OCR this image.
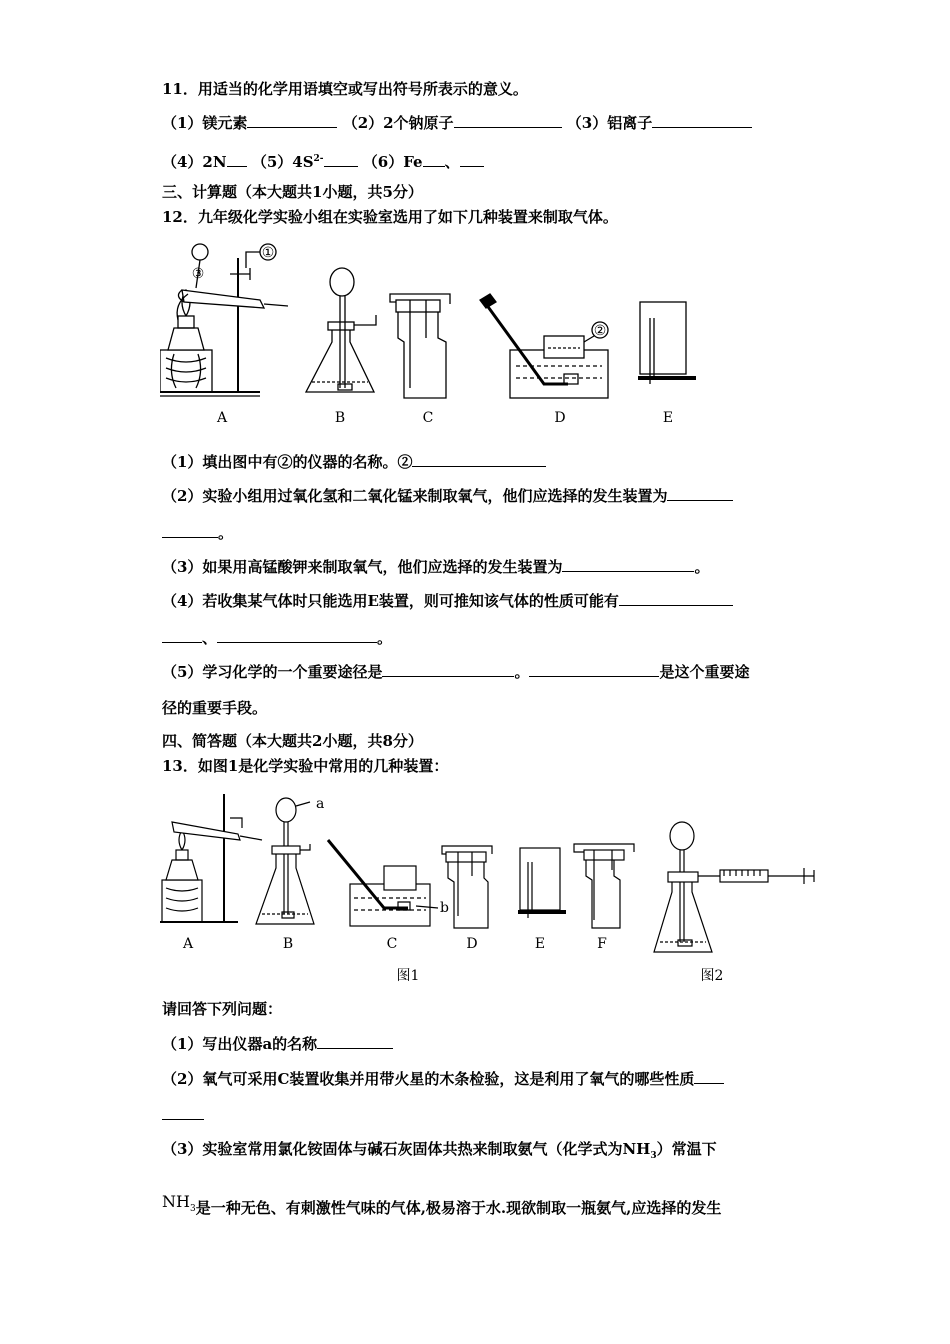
11．用适当的化学用语填空或写出符号所表示的意义。
（1）镁元素	（2）2个钠原子	（3）铝离子
（4）2N $(5)4S^{2-}$	（6）Fe 、
三、计算题（本大题共1小题，共5分）
12．九年级化学实验小组在实验室选用了如下几种装置来制取气体。
③
①
②
A	B	C	D	E
（1）填出图中有②的仪器的名称。②
（2）实验小组用过氧化氢和二氧化锰来制取氧气，他们应选择的发生装置为
。
（3）如果用高锰酸钾来制取氧气，他们应选择的发生装置为	。
（4）若收集某气体时只能选用E装置，则可推知该气体的性质可能有
、	。
（5）学习化学的一个重要途径是	。	是这个重要途
径的重要手段。
四、简答题（本大题共2小题，共8分）
13．如图1是化学实验中常用的几种装置：
a
b
A	B	C	D	E	F
图1	图2
请回答下列问题：
（1）写出仪器a的名称
（2）氧气可采用C装置收集并用带火星的木条检验，这是利用了氧气的哪些性质
（3）实验室常用氯化铵固体与碱石灰固体共热来制取氨气（化学式为$NH_3$）常温下
$NH_3$是一种无色、有刺激性气味的气体,极易溶于水.现欲制取一瓶氨气,应选择的发生
